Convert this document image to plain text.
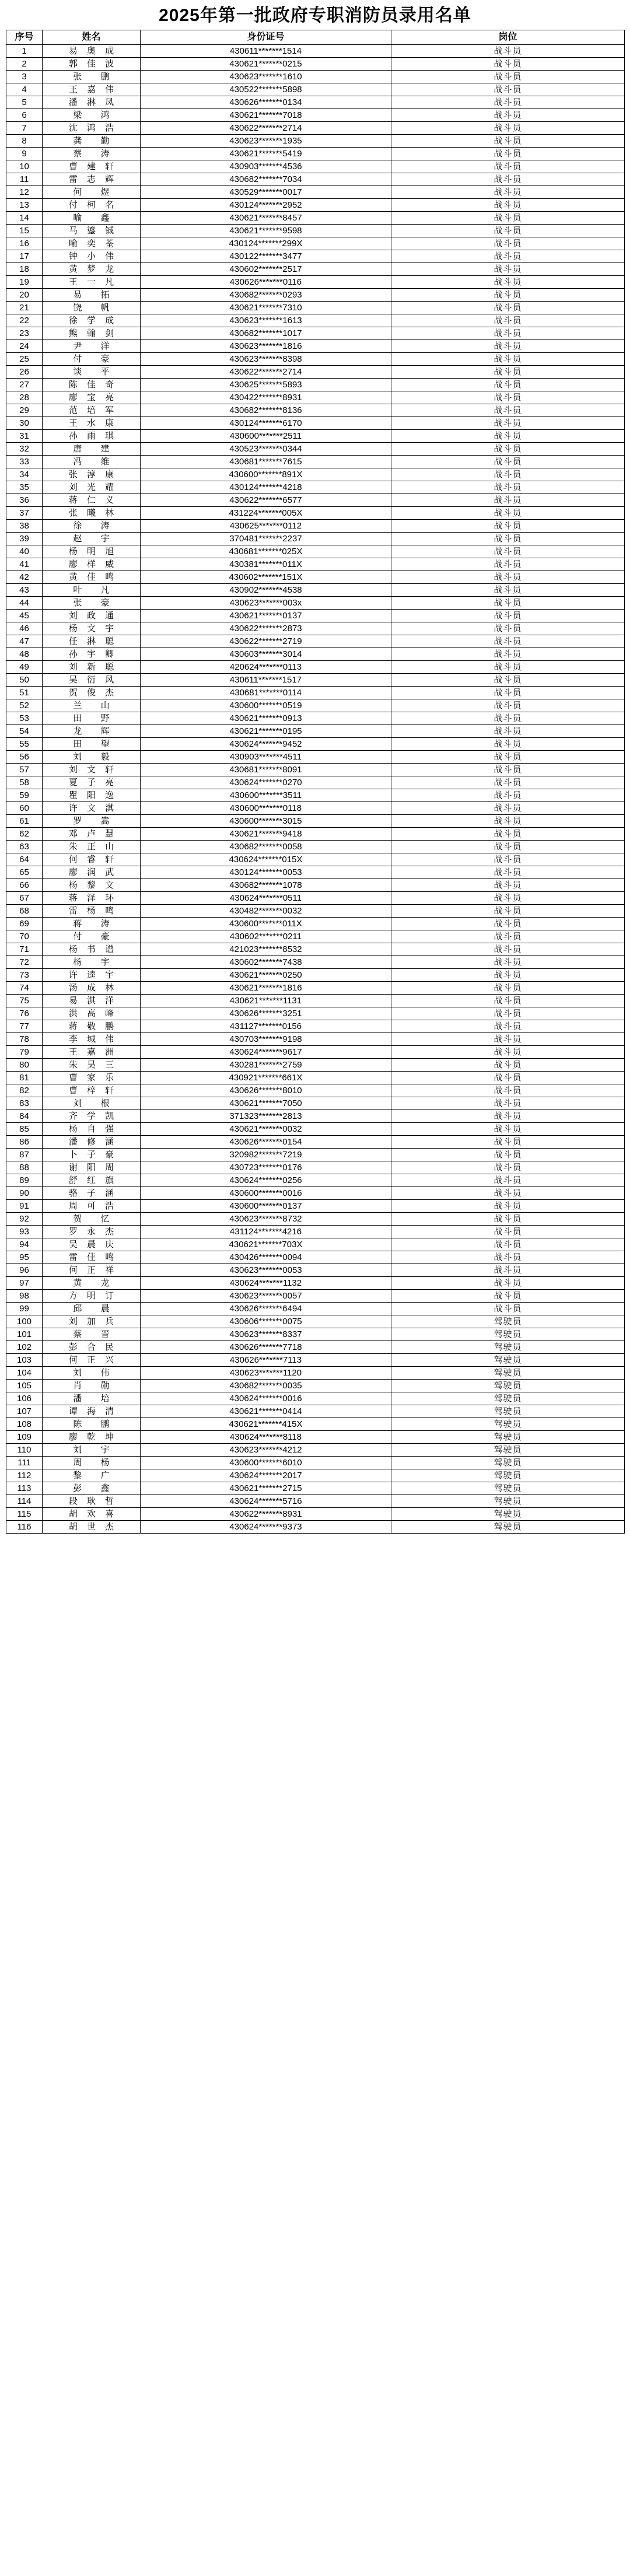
2025年第一批政府专职消防员录用名单
序号	姓名	身份证号	岗位
1	易 奥 成	430611*******1514	战斗员
2	郭 佳 波	430621*******0215	战斗员
3	张 鹏	430623*******1610	战斗员
4	王 嘉 伟	430522*******5898	战斗员
5	潘 淋 凤	430626*******0134	战斗员
6	梁 鸿	430621*******7018	战斗员
7	沈 鸿 浩	430622*******2714	战斗员
8	龚 勤	430623*******1935	战斗员
9	蔡 涛	430621*******5419	战斗员
10	曹 建 轩	430903*******4536	战斗员
11	雷 志 辉	430682*******7034	战斗员
12	何 煜	430529*******0017	战斗员
13	付 柯 名	430124*******2952	战斗员
14	喻 鑫	430621*******8457	战斗员
15	马 鎏 铖	430621*******9598	战斗员
16	喻 奕 荃	430124*******299X	战斗员
17	钟 小 伟	430122*******3477	战斗员
18	黄 梦 龙	430602*******2517	战斗员
19	王 一 凡	430626*******0116	战斗员
20	易 拓	430682*******0293	战斗员
21	饶 帆	430621*******7310	战斗员
22	徐 学 成	430623*******1613	战斗员
23	熊 翰 剑	430682*******1017	战斗员
24	尹 洋	430623*******1816	战斗员
25	付 豪	430623*******8398	战斗员
26	谈 平	430622*******2714	战斗员
27	陈 佳 奇	430625*******5893	战斗员
28	廖 宝 亮	430422*******8931	战斗员
29	范 培 军	430682*******8136	战斗员
30	王 水 康	430124*******6170	战斗员
31	孙 雨 琪	430600*******2511	战斗员
32	唐 建	430523*******0344	战斗员
33	冯 维	430681*******7615	战斗员
34	张 淳 康	430600*******891X	战斗员
35	刘 光 耀	430124*******4218	战斗员
36	蒋 仁 义	430622*******6577	战斗员
37	张 曦 林	431224*******005X	战斗员
38	徐 涛	430625*******0112	战斗员
39	赵 宇	370481*******2237	战斗员
40	杨 明 旭	430681*******025X	战斗员
41	廖 样 威	430381*******011X	战斗员
42	黄 佳 鸣	430602*******151X	战斗员
43	叶 凡	430902*******4538	战斗员
44	张 豪	430623*******003x	战斗员
45	刘 政 通	430621*******0137	战斗员
46	杨 文 宇	430622*******2873	战斗员
47	任 淋 聪	430622*******2719	战斗员
48	孙 宇 卿	430603*******3014	战斗员
49	刘 新 聪	420624*******0113	战斗员
50	吴 衍 风	430611*******1517	战斗员
51	贺 俊 杰	430681*******0114	战斗员
52	兰 山	430600*******0519	战斗员
53	田 野	430621*******0913	战斗员
54	龙 辉	430621*******0195	战斗员
55	田 望	430624*******9452	战斗员
56	刘 毅	430903*******4511	战斗员
57	刘 文 轩	430681*******8091	战斗员
58	夏 子 亮	430624*******0270	战斗员
59	瞿 阳 逸	430600*******3511	战斗员
60	许 文 淇	430600*******0118	战斗员
61	罗 嵩	430600*******3015	战斗员
62	邓 卢 慧	430621*******9418	战斗员
63	朱 正 山	430682*******0058	战斗员
64	何 睿 轩	430624*******015X	战斗员
65	廖 润 武	430124*******0053	战斗员
66	杨 黎 文	430682*******1078	战斗员
67	蒋 泽 环	430624*******0511	战斗员
68	雷 杨 鸣	430482*******0032	战斗员
69	蒋 涛	430600*******011X	战斗员
70	付 豪	430602*******0211	战斗员
71	杨 书 谱	421023*******8532	战斗员
72	杨 宇	430602*******7438	战斗员
73	许 逵 宇	430621*******0250	战斗员
74	汤 成 林	430621*******1816	战斗员
75	易 淇 洋	430621*******1131	战斗员
76	洪 高 峰	430626*******3251	战斗员
77	蒋 敬 鹏	431127*******0156	战斗员
78	李 城 伟	430703*******9198	战斗员
79	王 嘉 洲	430624*******9617	战斗员
80	朱 昊 三	430281*******2759	战斗员
81	曹 家 乐	430921*******661X	战斗员
82	曹 梓 轩	430626*******8010	战斗员
83	刘 根	430621*******7050	战斗员
84	齐 学 凯	371323*******2813	战斗员
85	杨 自 强	430621*******0032	战斗员
86	潘 修 涵	430626*******0154	战斗员
87	卜 子 豪	320982*******7219	战斗员
88	谢 阳 周	430723*******0176	战斗员
89	舒 红 旗	430624*******0256	战斗员
90	骆 子 涵	430600*******0016	战斗员
91	周 可 浩	430600*******0137	战斗员
92	贺 忆	430623*******8732	战斗员
93	罗 永 杰	431124*******4216	战斗员
94	吴 晨 庆	430621*******703X	战斗员
95	雷 佳 鸣	430426*******0094	战斗员
96	何 正 祥	430623*******0053	战斗员
97	黄 龙	430624*******1132	战斗员
98	方 明 订	430623*******0057	战斗员
99	邱 晨	430626*******6494	战斗员
100	刘 加 兵	430606*******0075	驾驶员
101	蔡 晋	430623*******8337	驾驶员
102	彭 合 民	430626*******7718	驾驶员
103	何 正 兴	430626*******7113	驾驶员
104	刘 伟	430623*******1120	驾驶员
105	肖 勋	430682*******0035	驾驶员
106	潘 培	430624*******0016	驾驶员
107	谭 海 清	430621*******0414	驾驶员
108	陈 鹏	430621*******415X	驾驶员
109	廖 乾 坤	430624*******8118	驾驶员
110	刘 宇	430623*******4212	驾驶员
111	周 杨	430600*******6010	驾驶员
112	黎 广	430624*******2017	驾驶员
113	彭 鑫	430621*******2715	驾驶员
114	段 耿 哲	430624*******5716	驾驶员
115	胡 欢 喜	430622*******8931	驾驶员
116	胡 世 杰	430624*******9373	驾驶员
